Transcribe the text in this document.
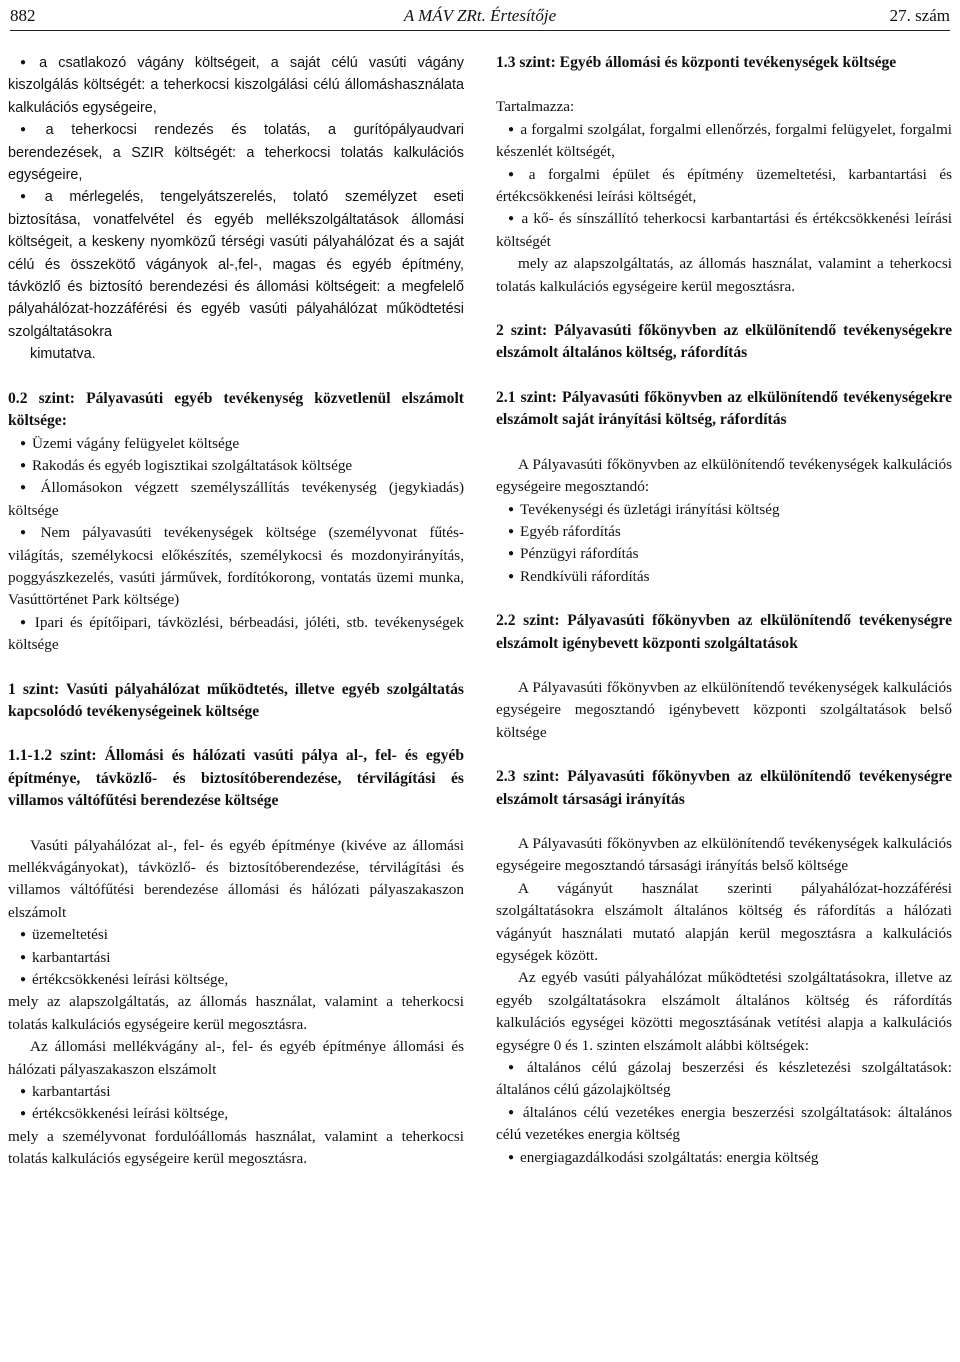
882	A MÁV ZRt. Értesítője	27. szám

● a csatlakozó vágány költségeit, a saját célú vasúti vágány kiszolgálás költségét: a teherkocsi kiszolgálási célú állomáshasználata kalkulációs egységeire,

● a teherkocsi rendezés és tolatás, a gurítópályaudvari berendezések, a SZIR költségét: a teherkocsi tolatás kalkulációs egységeire,

● a mérlegelés, tengelyátszerelés, tolató személyzet eseti biztosítása, vonatfelvétel és egyéb mellékszolgáltatások állomási költségeit, a keskeny nyomközű térségi vasúti pályahálózat és a saját célú és összekötő vágányok al-,fel-, magas és egyéb építmény, távközlő és biztosító berendezési és állomási költségeit: a megfelelő pályahálózat-hozzáférési és egyéb vasúti pályahálózat működtetési szolgáltatásokra

kimutatva.

0.2 szint: Pályavasúti egyéb tevékenység közvetlenül elszámolt költsége:

● Üzemi vágány felügyelet költsége

● Rakodás és egyéb logisztikai szolgáltatások költsége

● Állomásokon végzett személyszállítás tevékenység (jegykiadás) költsége

● Nem pályavasúti tevékenységek költsége (személyvonat fűtés-világítás, személykocsi előkészítés, személykocsi és mozdonyirányítás, poggyászkezelés, vasúti járművek, fordítókorong, vontatás üzemi munka, Vasúttörténet Park költsége)

● Ipari és építőipari, távközlési, bérbeadási, jóléti, stb. tevékenységek költsége

1 szint: Vasúti pályahálózat működtetés, illetve egyéb szolgáltatás kapcsolódó tevékenységeinek költsége
1.1-1.2 szint: Állomási és hálózati vasúti pálya al-, fel- és egyéb építménye, távközlő- és biztosítóberendezése, térvilágítási és villamos váltófűtési berendezése költsége

Vasúti pályahálózat al-, fel- és egyéb építménye (kivéve az állomási mellékvágányokat), távközlő- és biztosítóberendezése, térvilágítási és villamos váltófűtési berendezése állomási és hálózati pályaszakaszon elszámolt

● üzemeltetési

● karbantartási

● értékcsökkenési leírási költsége,

mely az alapszolgáltatás, az állomás használat, valamint a teherkocsi tolatás kalkulációs egységeire kerül megosztásra.

Az állomási mellékvágány al-, fel- és egyéb építménye állomási és hálózati pályaszakaszon elszámolt

● karbantartási

● értékcsökkenési leírási költsége,

mely a személyvonat fordulóállomás használat, valamint a teherkocsi tolatás kalkulációs egységeire kerül megosztásra.

1.3 szint: Egyéb állomási és központi tevékenységek költsége

Tartalmazza:

● a forgalmi szolgálat, forgalmi ellenőrzés, forgalmi felügyelet, forgalmi készenlét költségét,

● a forgalmi épület és építmény üzemeltetési, karbantartási és értékcsökkenési leírási költségét,

● a kő- és sínszállító teherkocsi karbantartási és értékcsökkenési leírási költségét

mely az alapszolgáltatás, az állomás használat, valamint a teherkocsi tolatás kalkulációs egységeire kerül megosztásra.

2 szint: Pályavasúti főkönyvben az elkülönítendő tevékenységekre elszámolt általános költség, ráfordítás
2.1 szint: Pályavasúti főkönyvben az elkülönítendő tevékenységekre elszámolt saját irányítási költség, ráfordítás

A Pályavasúti főkönyvben az elkülönítendő tevékenységek kalkulációs egységeire megosztandó:

● Tevékenységi és üzletági irányítási költség

● Egyéb ráfordítás

● Pénzügyi ráfordítás

● Rendkívüli ráfordítás

2.2 szint: Pályavasúti főkönyvben az elkülönítendő tevékenységre elszámolt igénybevett központi szolgáltatások

A Pályavasúti főkönyvben az elkülönítendő tevékenységek kalkulációs egységeire megosztandó igénybevett központi szolgáltatások belső költsége

2.3 szint: Pályavasúti főkönyvben az elkülönítendő tevékenységre elszámolt társasági irányítás

A Pályavasúti főkönyvben az elkülönítendő tevékenységek kalkulációs egységeire megosztandó társasági irányítás belső költsége

A vágányút használat szerinti pályahálózat-hozzáférési szolgáltatásokra elszámolt általános költség és ráfordítás a hálózati vágányút használati mutató alapján kerül megosztásra a kalkulációs egységek között.

Az egyéb vasúti pályahálózat működtetési szolgáltatásokra, illetve az egyéb szolgáltatásokra elszámolt általános költség és ráfordítás kalkulációs egységei közötti megosztásának vetítési alapja a kalkulációs egységre 0 és 1. szinten elszámolt alábbi költségek:

● általános célú gázolaj beszerzési és készletezési szolgáltatások: általános célú gázolajköltség

● általános célú vezetékes energia beszerzési szolgáltatások: általános célú vezetékes energia költség

● energiagazdálkodási szolgáltatás: energia költség
